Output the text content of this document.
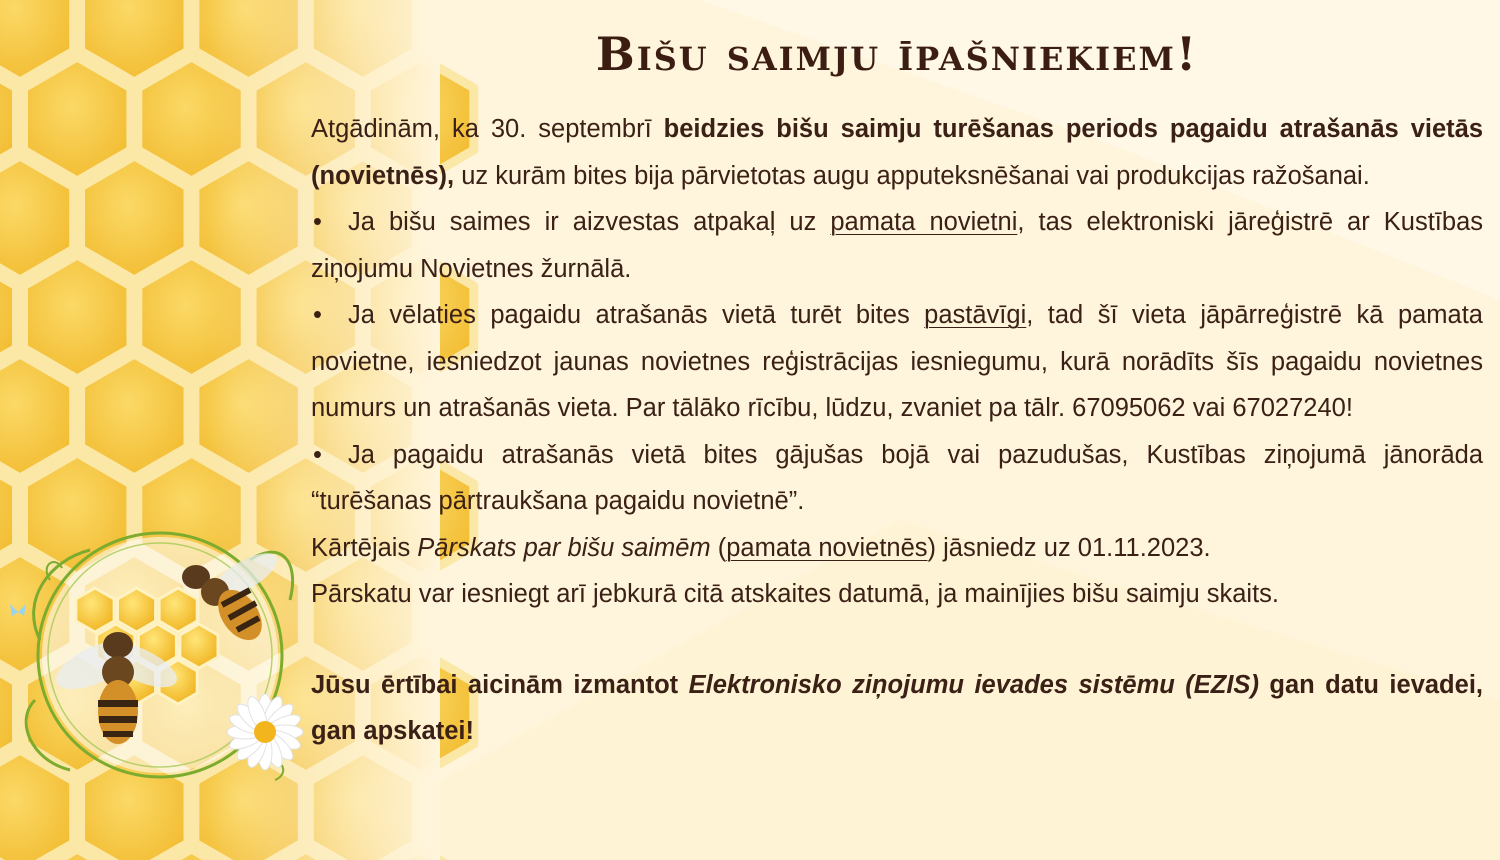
Bišu saimju īpašniekiem!

Atgādinām, ka 30. septembrī beidzies bišu saimju turēšanas periods pagaidu atrašanās vietās (novietnēs), uz kurām bites bija pārvietotas augu apputeksnēšanai vai produkcijas ražošanai.

• Ja bišu saimes ir aizvestas atpakaļ uz pamata novietni, tas elektroniski jāreģistrē ar Kustības ziņojumu Novietnes žurnālā.

• Ja vēlaties pagaidu atrašanās vietā turēt bites pastāvīgi, tad šī vieta jāpārreģistrē kā pamata novietne, iesniedzot jaunas novietnes reģistrācijas iesniegumu, kurā norādīts šīs pagaidu novietnes numurs un atrašanās vieta. Par tālāko rīcību, lūdzu, zvaniet pa tālr. 67095062 vai 67027240!

• Ja pagaidu atrašanās vietā bites gājušas bojā vai pazudušas, Kustības ziņojumā jānorāda “turēšanas pārtraukšana pagaidu novietnē”.

Kārtējais Pārskats par bišu saimēm (pamata novietnēs) jāsniedz uz 01.11.2023.

Pārskatu var iesniegt arī jebkurā citā atskaites datumā, ja mainījies bišu saimju skaits.

Jūsu ērtībai aicinām izmantot Elektronisko ziņojumu ievades sistēmu (EZIS) gan datu ievadei, gan apskatei!
